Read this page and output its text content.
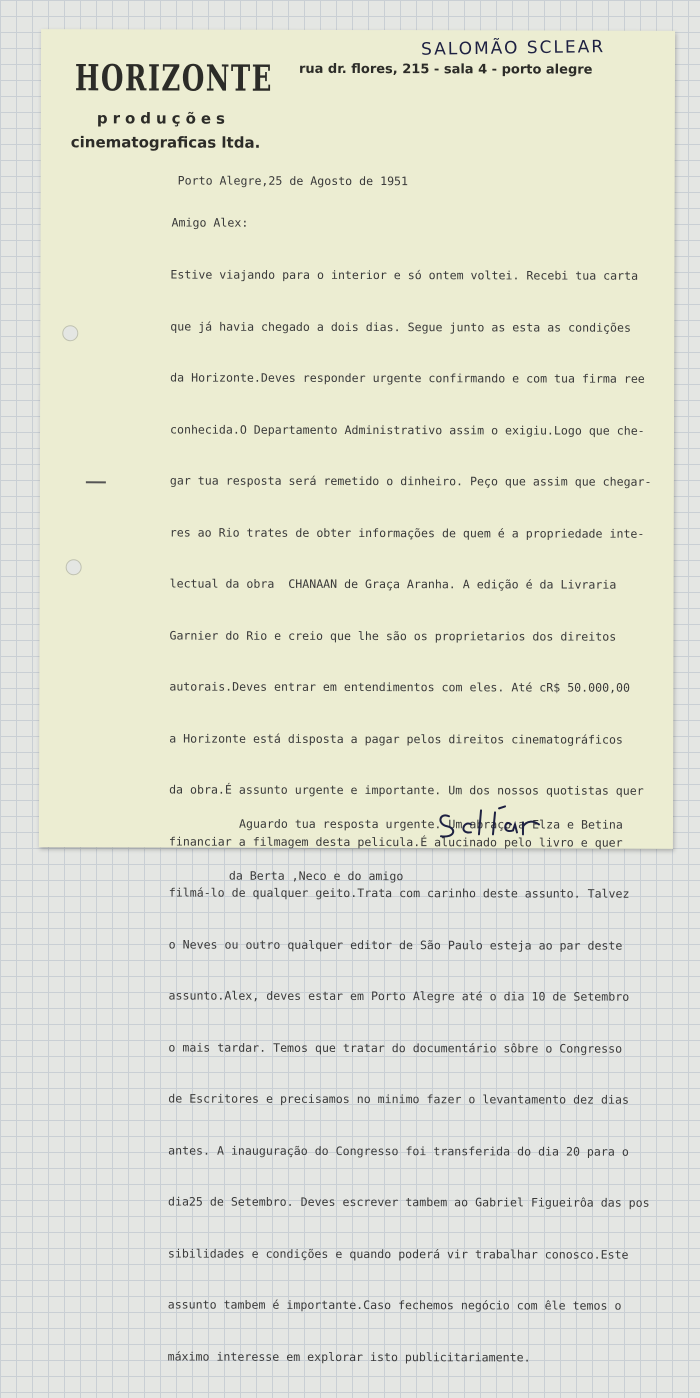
HORIZONTE
produções
cinematograficas ltda.
rua dr. flores, 215 - sala 4 - porto alegre
SALOMÃO SCLEAR
Porto Alegre,25 de Agosto de 1951
Amigo Alex:

Estive viajando para o interior e só ontem voltei. Recebi tua carta

que já havia chegado a dois dias. Segue junto as esta as condições

da Horizonte.Deves responder urgente confirmando e com tua firma ree

conhecida.O Departamento Administrativo assim o exigiu.Logo que che-

gar tua resposta será remetido o dinheiro. Peço que assim que chegar-

res ao Rio trates de obter informações de quem é a propriedade inte-

lectual da obra  CHANAAN de Graça Aranha. A edição é da Livraria

Garnier do Rio e creio que lhe são os proprietarios dos direitos

autorais.Deves entrar em entendimentos com eles. Até cR$ 50.000,00

a Horizonte está disposta a pagar pelos direitos cinematográficos

da obra.É assunto urgente e importante. Um dos nossos quotistas quer

financiar a filmagem desta pelicula.É alucinado pelo livro e quer

filmá-lo de qualquer geito.Trata com carinho deste assunto. Talvez

o Neves ou outro qualquer editor de São Paulo esteja ao par deste

assunto.Alex, deves estar em Porto Alegre até o dia 10 de Setembro

o mais tardar. Temos que tratar do documentário sôbre o Congresso

de Escritores e precisamos no minimo fazer o levantamento dez dias

antes. A inauguração do Congresso foi transferida do dia 20 para o

dia25 de Setembro. Deves escrever tambem ao Gabriel Figueirôa das pos

sibilidades e condições e quando poderá vir trabalhar conosco.Este

assunto tambem é importante.Caso fechemos negócio com êle temos o

máximo interesse em explorar isto publicitariamente.

Aguardo tua resposta urgente. Um abraço a Elza e Betina

da Berta ,Neco e do amigo
